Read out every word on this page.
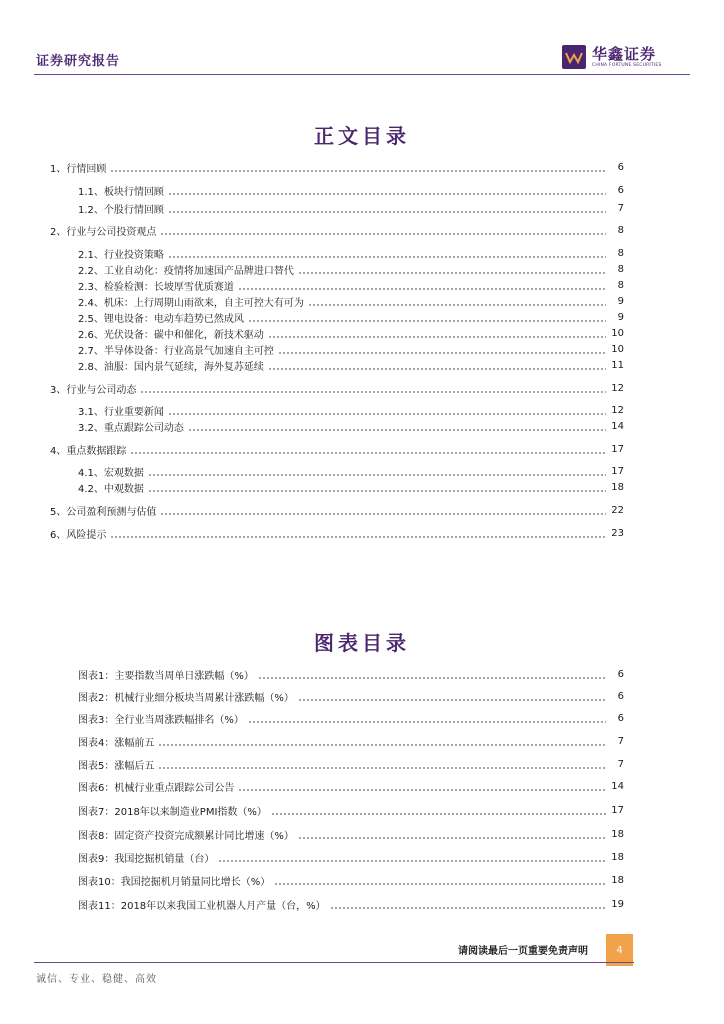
证券研究报告	华鑫证券
CHINA FORTUNE SECURITIES
正文目录
1、行情回顾	6
1.1、板块行情回顾	6
1.2、个股行情回顾	7
2、行业与公司投资观点	8
2.1、行业投资策略	8
2.2、工业自动化：疫情将加速国产品牌进口替代	8
2.3、检验检测：长坡厚雪优质赛道	8
2.4、机床：上行周期山雨欲来，自主可控大有可为	9
2.5、锂电设备：电动车趋势已然成风	9
2.6、光伏设备：碳中和催化，新技术驱动	10
2.7、半导体设备：行业高景气加速自主可控	10
2.8、油服：国内景气延续，海外复苏延续	11
3、行业与公司动态	12
3.1、行业重要新闻	12
3.2、重点跟踪公司动态	14
4、重点数据跟踪	17
4.1、宏观数据	17
4.2、中观数据	18
5、公司盈利预测与估值	22
6、风险提示	23
图表目录
图表1：主要指数当周单日涨跌幅（%）	6
图表2：机械行业细分板块当周累计涨跌幅（%）	6
图表3：全行业当周涨跌幅排名（%）	6
图表4：涨幅前五	7
图表5：涨幅后五	7
图表6：机械行业重点跟踪公司公告	14
图表7：2018年以来制造业PMI指数（%）	17
图表8：固定资产投资完成额累计同比增速（%）	18
图表9：我国挖掘机销量（台）	18
图表10：我国挖掘机月销量同比增长（%）	18
图表11：2018年以来我国工业机器人月产量（台，%）	19
请阅读最后一页重要免责声明	4
诚信、专业、稳健、高效
